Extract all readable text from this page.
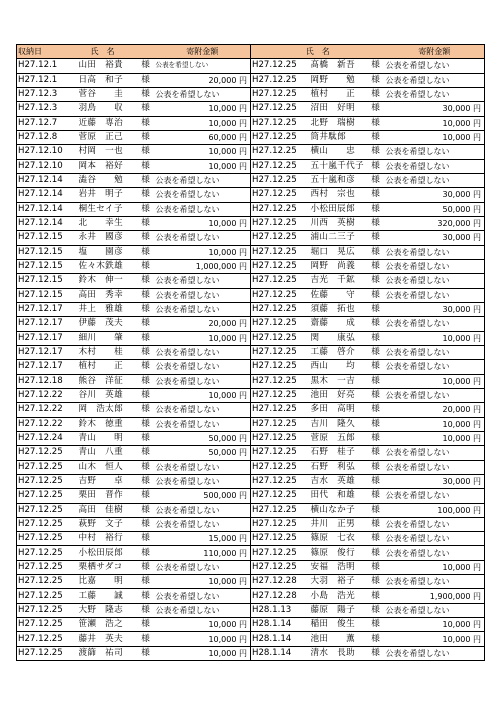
収納日	氏　名		寄附金額	氏　名			寄附金額
H27.12.1	山田　裕貴	様	公表を希望しない	H27.12.25	髙橋　新吾	様	公表を希望しない
H27.12.1	日高　和子	様	20,000 円	H27.12.25	岡野　　勉	様	公表を希望しない
H27.12.3	菅谷　　圭	様	公表を希望しない	H27.12.25	植村　　正	様	公表を希望しない
H27.12.3	羽鳥　　収	様	10,000 円	H27.12.25	沼田　好明	様	30,000 円
H27.12.7	近藤　専治	様	10,000 円	H27.12.25	北野　瑞樹	様	10,000 円
H27.12.8	菅原　正己	様	60,000 円	H27.12.25	筒井駄郎	様	10,000 円
H27.12.10	村岡　一也	様	10,000 円	H27.12.25	横山　　忠	様	公表を希望しない
H27.12.10	岡本　裕好	様	10,000 円	H27.12.25	五十嵐千代子	様	公表を希望しない
H27.12.14	澁谷　　勉	様	公表を希望しない	H27.12.25	五十嵐和彦	様	公表を希望しない
H27.12.14	岩井　明子	様	公表を希望しない	H27.12.25	西村　宗也	様	30,000 円
H27.12.14	桐生セイ子	様	公表を希望しない	H27.12.25	小松田辰郎	様	50,000 円
H27.12.14	北　　幸生	様	10,000 円	H27.12.25	川西　英樹	様	320,000 円
H27.12.15	永井　國彦	様	公表を希望しない	H27.12.25	浦山二三子	様	30,000 円
H27.12.15	塩　　園彦	様	10,000 円	H27.12.25	堀口　晃広	様	公表を希望しない
H27.12.15	佐々木鉄雄	様	1,000,000 円	H27.12.25	岡野　尚義	様	公表を希望しない
H27.12.15	鈴木　伸一	様	公表を希望しない	H27.12.25	吉光　千鉱	様	公表を希望しない
H27.12.15	高田　秀幸	様	公表を希望しない	H27.12.25	佐藤　　守	様	公表を希望しない
H27.12.17	井上　雅雄	様	公表を希望しない	H27.12.25	須藤　拓也	様	30,000 円
H27.12.17	伊藤　茂夫	様	20,000 円	H27.12.25	齋藤　　成	様	公表を希望しない
H27.12.17	細川　　肇	様	10,000 円	H27.12.25	関　　康弘	様	10,000 円
H27.12.17	木村　　桂	様	公表を希望しない	H27.12.25	工藤　啓介	様	公表を希望しない
H27.12.17	植村　　正	様	公表を希望しない	H27.12.25	西山　　均	様	公表を希望しない
H27.12.18	熊谷　洋征	様	公表を希望しない	H27.12.25	黒木　一吉	様	10,000 円
H27.12.22	谷川　英雄	様	10,000 円	H27.12.25	池田　好亮	様	公表を希望しない
H27.12.22	岡　浩太郎	様	公表を希望しない	H27.12.25	多田　高明	様	20,000 円
H27.12.22	鈴木　徳重	様	公表を希望しない	H27.12.25	吉川　隆久	様	10,000 円
H27.12.24	青山　　明	様	50,000 円	H27.12.25	菅原　五郎	様	10,000 円
H27.12.25	青山　八重	様	50,000 円	H27.12.25	石野　桂子	様	公表を希望しない
H27.12.25	山木　恒人	様	公表を希望しない	H27.12.25	石野　利弘	様	公表を希望しない
H27.12.25	吉野　　卓	様	公表を希望しない	H27.12.25	吉水　英雄	様	30,000 円
H27.12.25	栗田　晋作	様	500,000 円	H27.12.25	田代　和雄	様	公表を希望しない
H27.12.25	高田　佳樹	様	公表を希望しない	H27.12.25	横山なか子	様	100,000 円
H27.12.25	萩野　文子	様	公表を希望しない	H27.12.25	井川　正男	様	公表を希望しない
H27.12.25	中村　裕行	様	15,000 円	H27.12.25	篠原　七衣	様	公表を希望しない
H27.12.25	小松田辰郎	様	110,000 円	H27.12.25	篠原　俊行	様	公表を希望しない
H27.12.25	栗栖サダコ	様	公表を希望しない	H27.12.25	安福　浩明	様	10,000 円
H27.12.25	比嘉　　明	様	10,000 円	H27.12.28	大羽　裕子	様	公表を希望しない
H27.12.25	工藤　　誠	様	公表を希望しない	H27.12.28	小島　浩光	様	1,900,000 円
H27.12.25	大野　隆志	様	公表を希望しない	H28.1.13	藤原　陽子	様	公表を希望しない
H27.12.25	笹瀬　浩之	様	10,000 円	H28.1.14	稲田　俊生	様	10,000 円
H27.12.25	藤井　英夫	様	10,000 円	H28.1.14	池田　　薫	様	10,000 円
H27.12.25	渡篩　祐司	様	10,000 円	H28.1.14	清水　長助	様	公表を希望しない
